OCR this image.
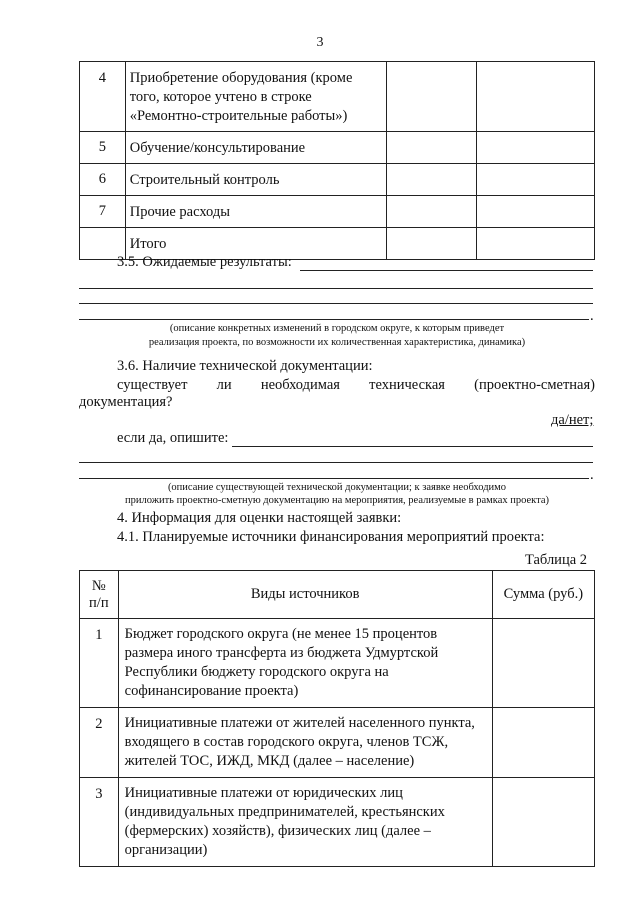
3
4	Приобретение оборудования (кроме того, которое учтено в строке «Ремонтно-строительные работы»)		
5	Обучение/консультирование		
6	Строительный контроль		
7	Прочие расходы		
	Итого		
3.5. Ожидаемые результаты:
.
(описание конкретных изменений в городском округе, к которым приведет
реализация проекта, по возможности их количественная характеристика, динамика)
3.6. Наличие технической документации:
существует ли необходимая техническая (проектно-сметная)
документация?
да/нет;
если да, опишите:
.
(описание существующей технической документации; к заявке необходимо
приложить проектно-сметную документацию на мероприятия, реализуемые в рамках проекта)
4. Информация для оценки настоящей заявки:
4.1. Планируемые источники финансирования мероприятий проекта:
Таблица 2
№
п/п	Виды источников	Сумма (руб.)
1	Бюджет городского округа (не менее 15 процентов размера иного трансферта из бюджета Удмуртской Республики бюджету городского округа на софинансирование проекта)	
2	Инициативные платежи от жителей населенного пункта, входящего в состав городского округа, членов ТСЖ, жителей ТОС, ИЖД, МКД (далее – население)	
3	Инициативные платежи от юридических лиц (индивидуальных предпринимателей, крестьянских (фермерских) хозяйств), физических лиц (далее – организации)	
